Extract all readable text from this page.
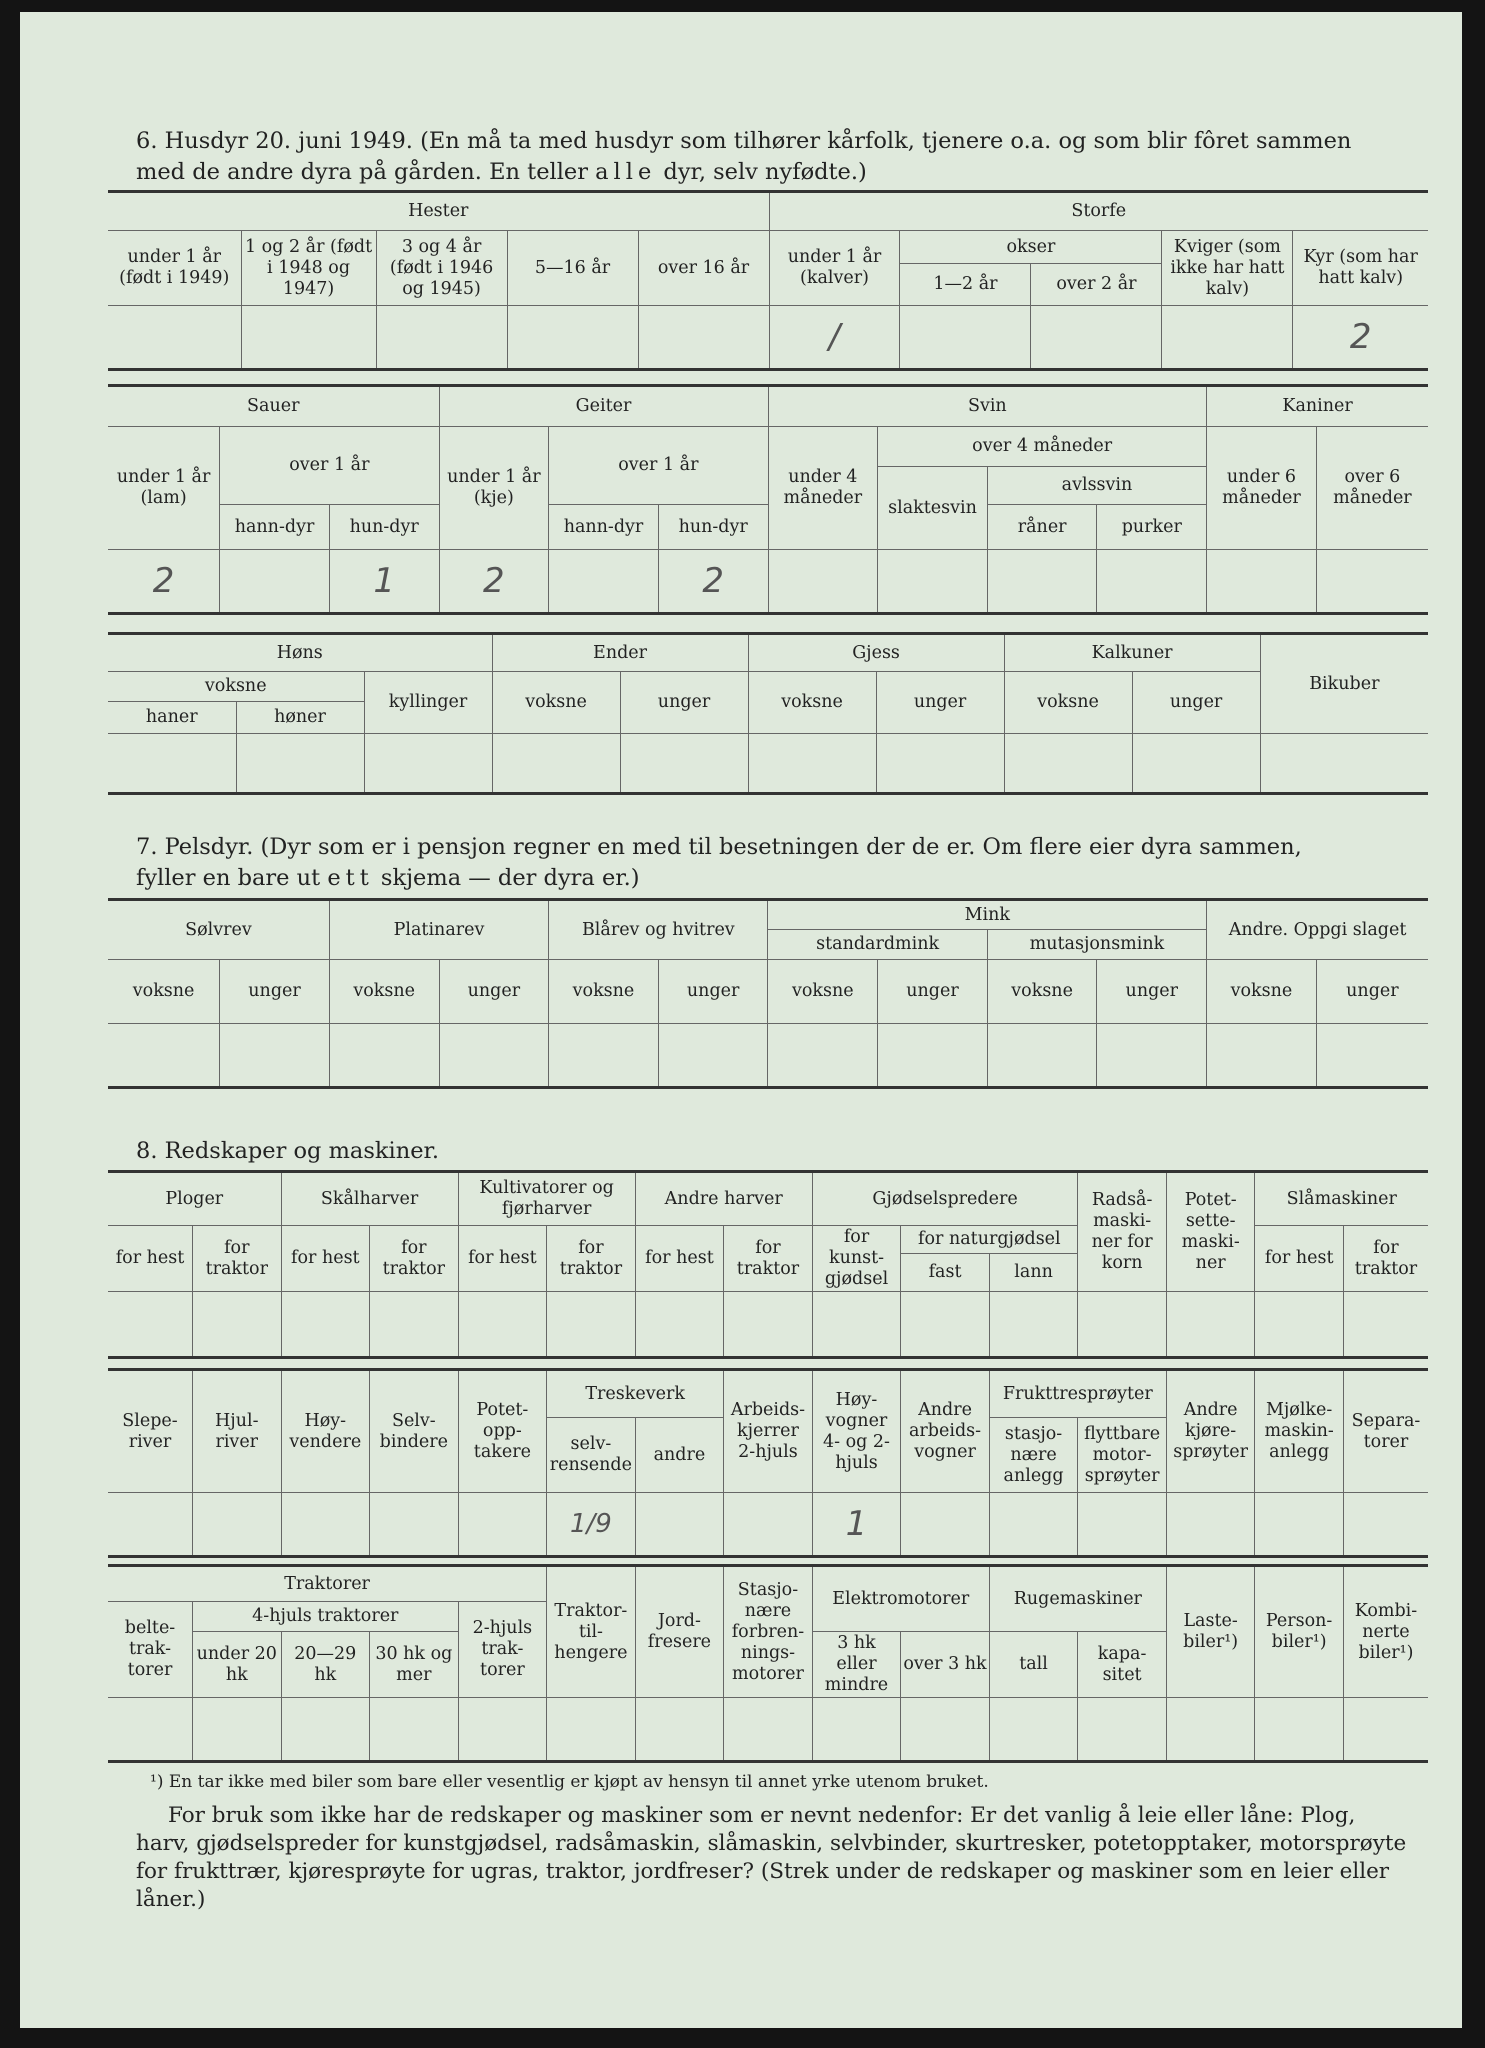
6. Husdyr 20. juni 1949. (En må ta med husdyr som tilhører kårfolk, tjenere o.a. og som blir fôret sammen
med de andre dyra på gården. En teller alle dyr, selv nyfødte.)
Hester					Storfe				
under 1 år (født i 1949)	1 og 2 år (født i 1948 og 1947)	3 og 4 år (født i 1946 og 1945)	5—16 år	over 16 år	under 1 år (kalver)	okser		Kviger (som ikke har hatt kalv)	Kyr (som har hatt kalv)
						1—2 år	over 2 år		
					/				2
Sauer			Geiter			Svin				Kaniner	
under 1 år (lam)	over 1 år		under 1 år (kje)	over 1 år		under 4 måneder	over 4 måneder			under 6 måneder	over 6 måneder
							slaktesvin	avlssvin			
	hann-dyr	hun-dyr		hann-dyr	hun-dyr			råner	purker		
2		1	2		2						
Høns			Ender		Gjess		Kalkuner		Bikuber
voksne		kyllinger	voksne	unger	voksne	unger	voksne	unger	
haner	høner								

7. Pelsdyr. (Dyr som er i pensjon regner en med til besetningen der de er. Om flere eier dyra sammen,
fyller en bare ut ett skjema — der dyra er.)
Sølvrev		Platinarev		Blårev og hvitrev		Mink				Andre. Oppgi slaget	
						standardmink		mutasjonsmink			
voksne	unger	voksne	unger	voksne	unger	voksne	unger	voksne	unger	voksne	unger

8. Redskaper og maskiner.
Ploger		Skålharver		Kultivatorer og fjørharver		Andre harver		Gjødselspredere			Radså-maski-ner for korn	Potet-sette-maski-ner	Slåmaskiner	
for hest	for traktor	for hest	for traktor	for hest	for traktor	for hest	for traktor	for kunst-gjødsel	for naturgjødsel				for hest	for traktor
									fast	lann				

Slepe-river	Hjul-river	Høy-vendere	Selv-bindere	Potet-opp-takere	Treskeverk		Arbeids-kjerrer 2-hjuls	Høy-vogner 4- og 2-hjuls	Andre arbeids-vogner	Frukttresprøyter		Andre kjøre-sprøyter	Mjølke-maskin-anlegg	Separa-torer
					selv-rensende	andre				stasjo-nære anlegg	flyttbare motor-sprøyter			
					1/9			1						
Traktorer					Traktor-til-hengere	Jord-fresere	Stasjo-nære forbren-nings-motorer	Elektromotorer		Rugemaskiner		Laste-biler¹)	Person-biler¹)	Kombi-nerte biler¹)
belte-trak-torer	4-hjuls traktorer			2-hjuls trak-torer										
	under 20 hk	20—29 hk	30 hk og mer					3 hk eller mindre	over 3 hk	tall	kapa-sitet			

¹) En tar ikke med biler som bare eller vesentlig er kjøpt av hensyn til annet yrke utenom bruket.
For bruk som ikke har de redskaper og maskiner som er nevnt nedenfor: Er det vanlig å leie eller låne: Plog,
harv, gjødselspreder for kunstgjødsel, radsåmaskin, slåmaskin, selvbinder, skurtresker, potetopptaker, motorsprøyte
for frukttrær, kjøresprøyte for ugras, traktor, jordfreser? (Strek under de redskaper og maskiner som en leier eller låner.)
